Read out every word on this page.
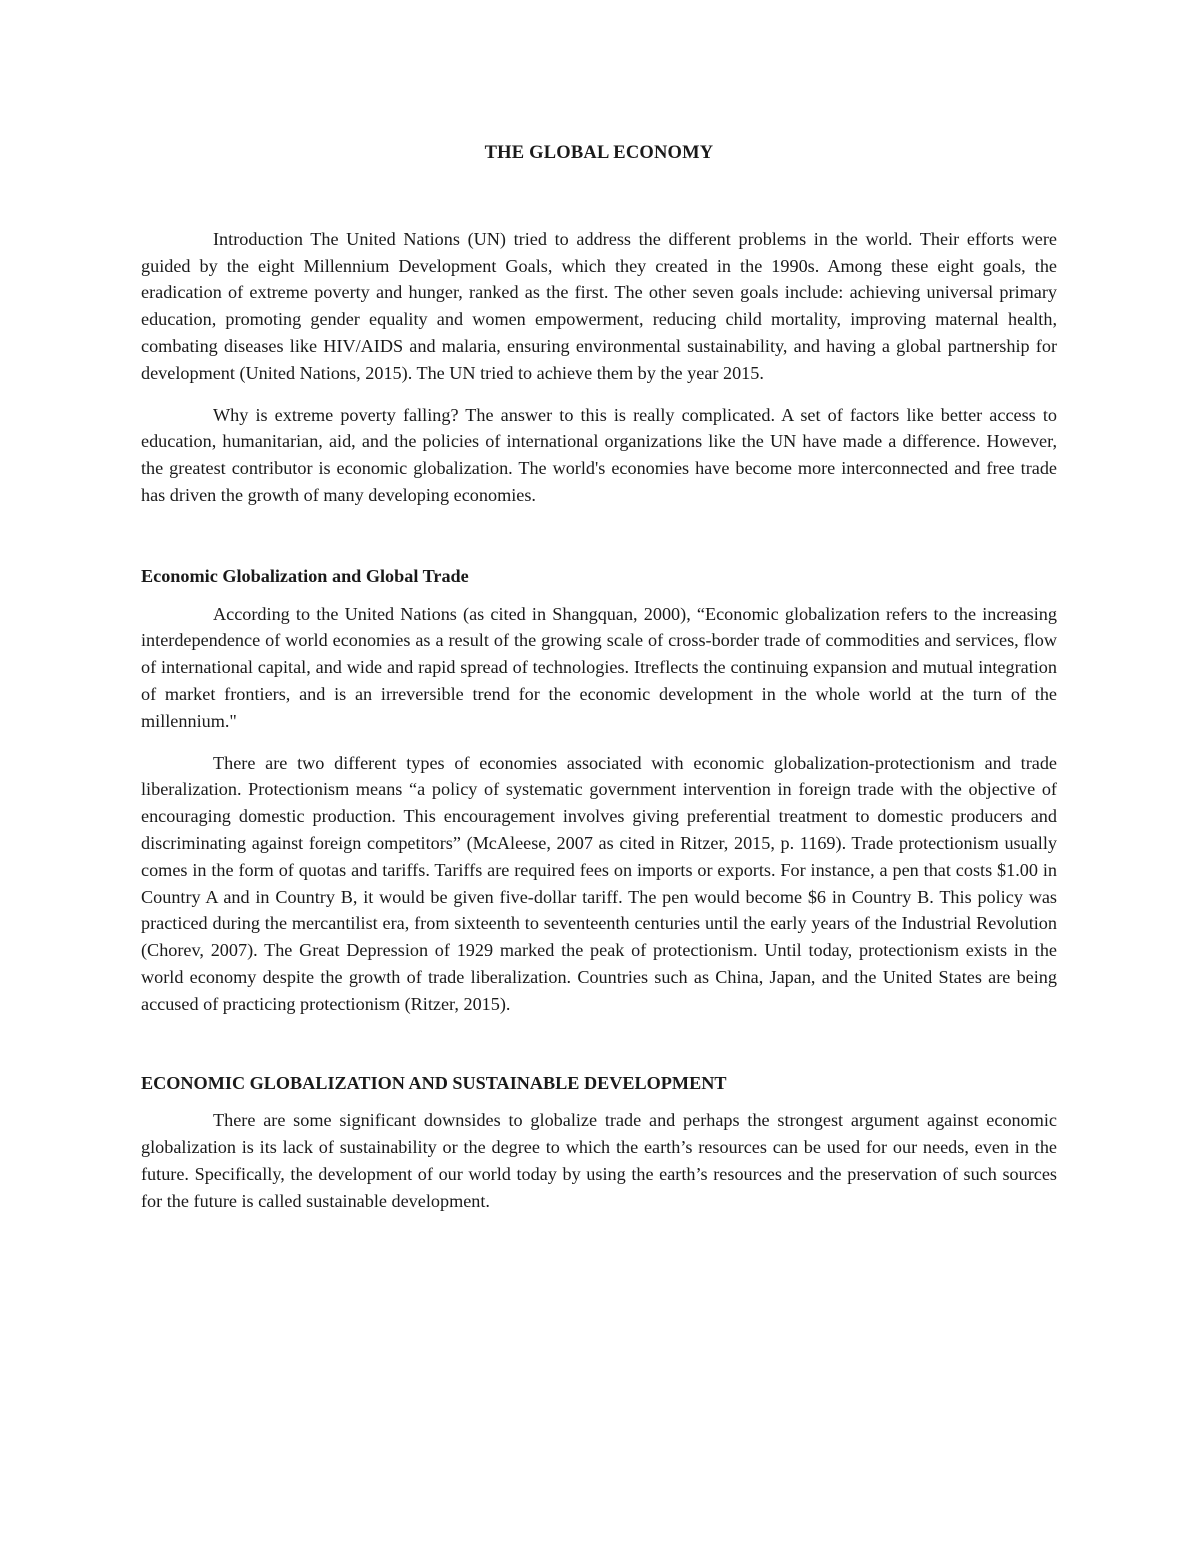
THE GLOBAL ECONOMY

Introduction The United Nations (UN) tried to address the different problems in the world. Their efforts were guided by the eight Millennium Development Goals, which they created in the 1990s. Among these eight goals, the eradication of extreme poverty and hunger, ranked as the first. The other seven goals include: achieving universal primary education, promoting gender equality and women empowerment, reducing child mortality, improving maternal health, combating diseases like HIV/AIDS and malaria, ensuring environmental sustainability, and having a global partnership for development (United Nations, 2015). The UN tried to achieve them by the year 2015.

Why is extreme poverty falling? The answer to this is really complicated. A set of factors like better access to education, humanitarian, aid, and the policies of international organizations like the UN have made a difference. However, the greatest contributor is economic globalization. The world's economies have become more interconnected and free trade has driven the growth of many developing economies.

Economic Globalization and Global Trade

According to the United Nations (as cited in Shangquan, 2000), “Economic globalization refers to the increasing interdependence of world economies as a result of the growing scale of cross-border trade of commodities and services, flow of international capital, and wide and rapid spread of technologies. Itreflects the continuing expansion and mutual integration of market frontiers, and is an irreversible trend for the economic development in the whole world at the turn of the millennium."

There are two different types of economies associated with economic globalization-protectionism and trade liberalization. Protectionism means “a policy of systematic government intervention in foreign trade with the objective of encouraging domestic production. This encouragement involves giving preferential treatment to domestic producers and discriminating against foreign competitors” (McAleese, 2007 as cited in Ritzer, 2015, p. 1169). Trade protectionism usually comes in the form of quotas and tariffs. Tariffs are required fees on imports or exports. For instance, a pen that costs $1.00 in Country A and in Country B, it would be given five-dollar tariff. The pen would become $6 in Country B. This policy was practiced during the mercantilist era, from sixteenth to seventeenth centuries until the early years of the Industrial Revolution (Chorev, 2007). The Great Depression of 1929 marked the peak of protectionism. Until today, protectionism exists in the world economy despite the growth of trade liberalization. Countries such as China, Japan, and the United States are being accused of practicing protectionism (Ritzer, 2015).

ECONOMIC GLOBALIZATION AND SUSTAINABLE DEVELOPMENT

There are some significant downsides to globalize trade and perhaps the strongest argument against economic globalization is its lack of sustainability or the degree to which the earth’s resources can be used for our needs, even in the future. Specifically, the development of our world today by using the earth’s resources and the preservation of such sources for the future is called sustainable development.
